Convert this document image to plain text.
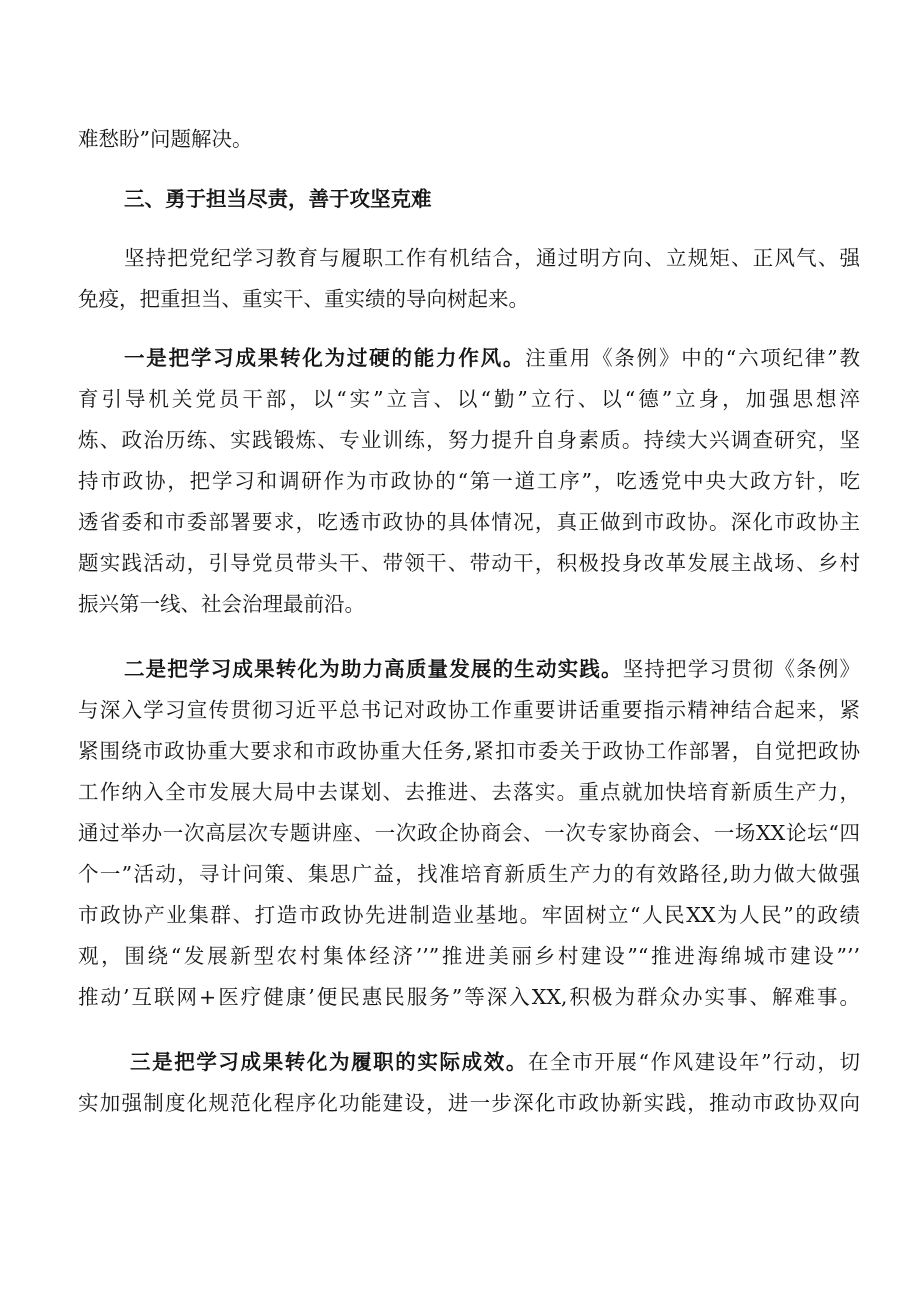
难愁盼”问题解决。
三、勇于担当尽责，善于攻坚克难
坚持把党纪学习教育与履职工作有机结合，通过明方向、立规矩、正风气、强
免疫，把重担当、重实干、重实绩的导向树起来。
一是把学习成果转化为过硬的能力作风。注重用《条例》中的“六项纪律”教
育引导机关党员干部，以“实”立言、以“勤”立行、以“德”立身，加强思想淬
炼、政治历练、实践锻炼、专业训练，努力提升自身素质。持续大兴调查研究，坚
持市政协，把学习和调研作为市政协的“第一道工序”，吃透党中央大政方针，吃
透省委和市委部署要求，吃透市政协的具体情况，真正做到市政协。深化市政协主
题实践活动，引导党员带头干、带领干、带动干，积极投身改革发展主战场、乡村
振兴第一线、社会治理最前沿。
二是把学习成果转化为助力高质量发展的生动实践。坚持把学习贯彻《条例》
与深入学习宣传贯彻习近平总书记对政协工作重要讲话重要指示精神结合起来，紧
紧围绕市政协重大要求和市政协重大任务,紧扣市委关于政协工作部署，自觉把政协
工作纳入全市发展大局中去谋划、去推进、去落实。重点就加快培育新质生产力，
通过举办一次高层次专题讲座、一次政企协商会、一次专家协商会、一场XX论坛“四
个一”活动，寻计问策、集思广益，找准培育新质生产力的有效路径,助力做大做强
市政协产业集群、打造市政协先进制造业基地。牢固树立“人民XX为人民”的政绩
观，围绕“发展新型农村集体经济’’”推进美丽乡村建设”“推进海绵城市建设”’’
推动’互联网+医疗健康’便民惠民服务”等深入XX,积极为群众办实事、解难事。
三是把学习成果转化为履职的实际成效。在全市开展“作风建设年”行动，切
实加强制度化规范化程序化功能建设，进一步深化市政协新实践，推动市政协双向
